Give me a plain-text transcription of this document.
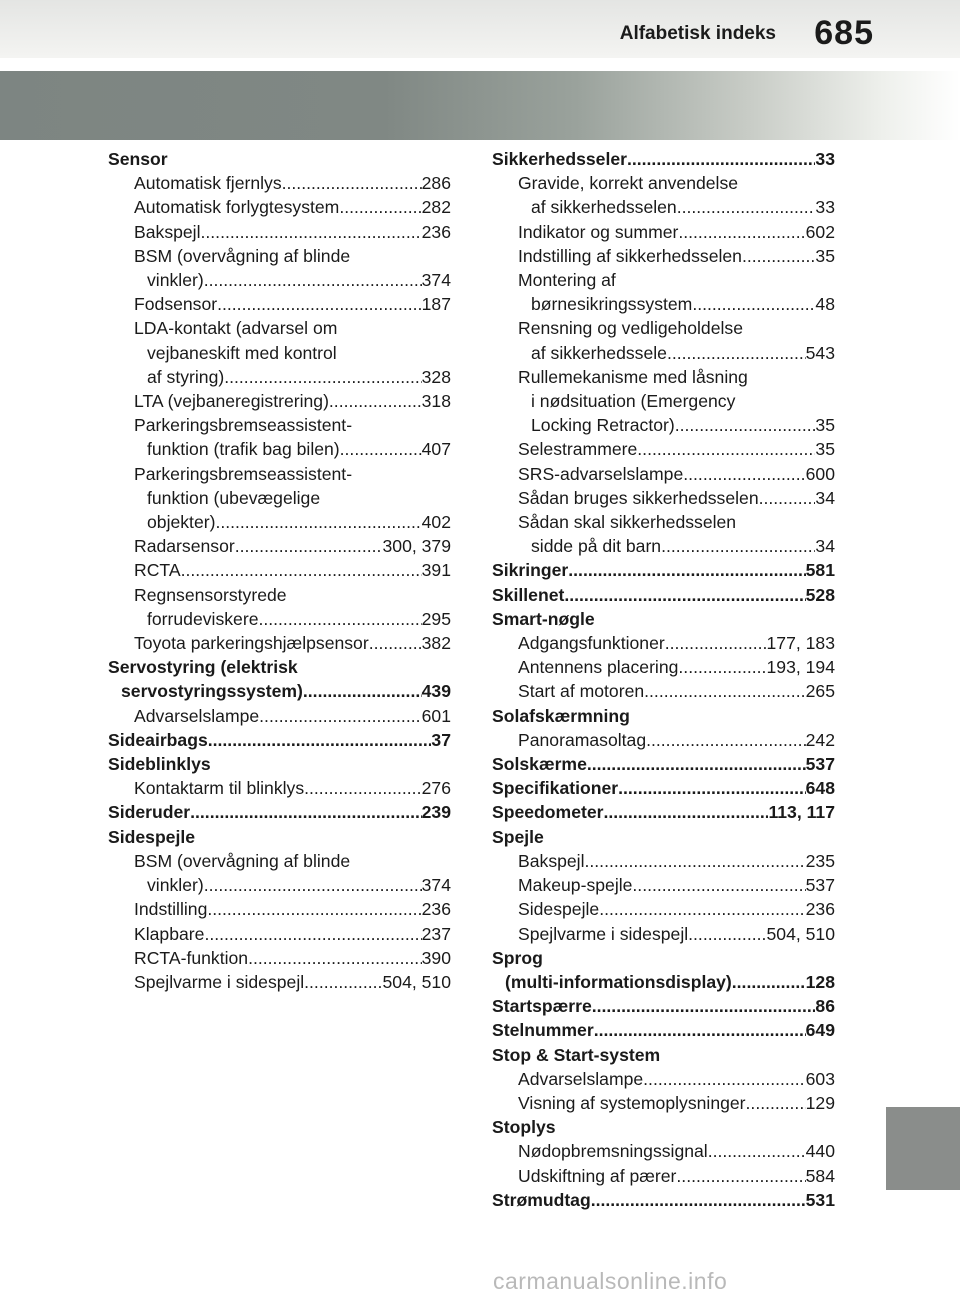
Alfabetisk indeks 685
Sensor
Automatisk fjernlys .....	286
Automatisk forlygtesystem .....	282
Bakspejl .....	236
BSM (overvågning af blinde
vinkler) .....	374
Fodsensor .....	187
LDA-kontakt (advarsel om
vejbaneskift med kontrol
af styring) .....	328
LTA (vejbaneregistrering) .....	318
Parkeringsbremseassistent-
funktion (trafik bag bilen) .....	407
Parkeringsbremseassistent-
funktion (ubevægelige
objekter) .....	402
Radarsensor .....	300, 379
RCTA .....	391
Regnsensorstyrede
forrudeviskere .....	295
Toyota parkeringshjælpsensor .....	382
Servostyring (elektrisk
servostyringssystem) .....	439
Advarselslampe .....	601
Sideairbags .....	37
Sideblinklys
Kontaktarm til blinklys .....	276
Sideruder .....	239
Sidespejle
BSM (overvågning af blinde
vinkler) .....	374
Indstilling .....	236
Klapbare .....	237
RCTA-funktion .....	390
Spejlvarme i sidespejl .....	504, 510
Sikkerhedsseler .....	33
Gravide, korrekt anvendelse
af sikkerhedsselen .....	33
Indikator og summer .....	602
Indstilling af sikkerhedsselen .....	35
Montering af
børnesikringssystem .....	48
Rensning og vedligeholdelse
af sikkerhedssele .....	543
Rullemekanisme med låsning
i nødsituation (Emergency
Locking Retractor) .....	35
Selestrammere .....	35
SRS-advarselslampe .....	600
Sådan bruges sikkerhedsselen .....	34
Sådan skal sikkerhedsselen
sidde på dit barn .....	34
Sikringer .....	581
Skillenet .....	528
Smart-nøgle
Adgangsfunktioner .....	177, 183
Antennens placering .....	193, 194
Start af motoren .....	265
Solafskærmning
Panoramasoltag .....	242
Solskærme .....	537
Specifikationer .....	648
Speedometer .....	113, 117
Spejle
Bakspejl .....	235
Makeup-spejle .....	537
Sidespejle .....	236
Spejlvarme i sidespejl .....	504, 510
Sprog
(multi-informationsdisplay) .....	128
Startspærre .....	86
Stelnummer .....	649
Stop & Start-system
Advarselslampe .....	603
Visning af systemoplysninger .....	129
Stoplys
Nødopbremsningssignal .....	440
Udskiftning af pærer .....	584
Strømudtag .....	531
carmanualsonline.info
